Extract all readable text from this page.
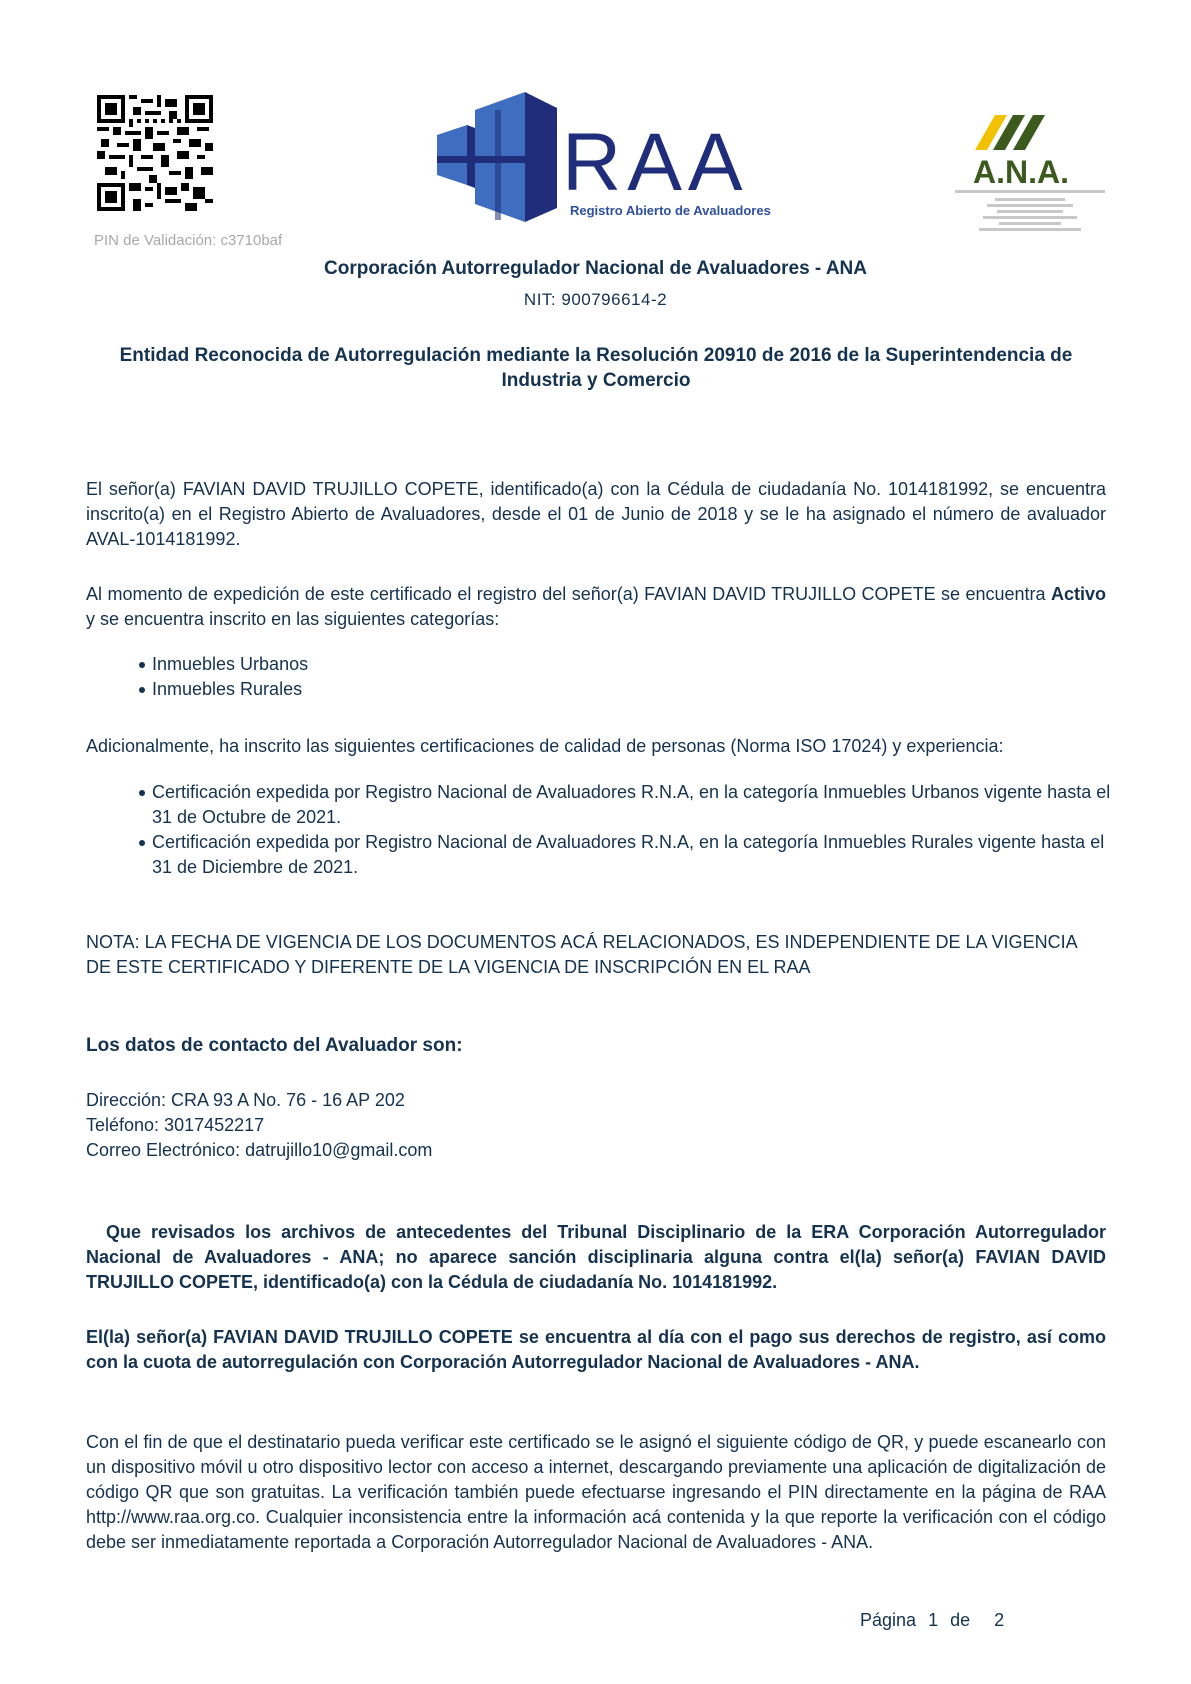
PIN de Validación: c3710baf
RAA
Registro Abierto de Avaluadores
A.N.A.
Corporación Autorregulador Nacional de Avaluadores - ANA
NIT: 900796614-2
Entidad Reconocida de Autorregulación mediante la Resolución 20910 de 2016 de la Superintendencia de Industria y Comercio
El señor(a) FAVIAN DAVID TRUJILLO COPETE, identificado(a) con la Cédula de ciudadanía No. 1014181992, se encuentra inscrito(a) en el Registro Abierto de Avaluadores, desde el 01 de Junio de 2018 y se le ha asignado el número de avaluador AVAL-1014181992.
Al momento de expedición de este certificado el registro del señor(a) FAVIAN DAVID TRUJILLO COPETE se encuentra Activo y se encuentra inscrito en las siguientes categorías:
Inmuebles Urbanos
Inmuebles Rurales
Adicionalmente, ha inscrito las siguientes certificaciones de calidad de personas (Norma ISO 17024) y experiencia:
Certificación expedida por Registro Nacional de Avaluadores R.N.A, en la categoría Inmuebles Urbanos vigente hasta el 31 de Octubre de 2021.
Certificación expedida por Registro Nacional de Avaluadores R.N.A, en la categoría Inmuebles Rurales vigente hasta el 31 de Diciembre de 2021.
NOTA: LA FECHA DE VIGENCIA DE LOS DOCUMENTOS ACÁ RELACIONADOS, ES INDEPENDIENTE DE LA VIGENCIA DE ESTE CERTIFICADO Y DIFERENTE DE LA VIGENCIA DE INSCRIPCIÓN EN EL RAA
Los datos de contacto del Avaluador son:
Dirección: CRA 93 A No. 76 - 16 AP 202
Teléfono: 3017452217
Correo Electrónico: datrujillo10@gmail.com
Que revisados los archivos de antecedentes del Tribunal Disciplinario de la ERA Corporación Autorregulador Nacional de Avaluadores - ANA; no aparece sanción disciplinaria alguna contra el(la) señor(a) FAVIAN DAVID TRUJILLO COPETE, identificado(a) con la Cédula de ciudadanía No. 1014181992.
El(la) señor(a) FAVIAN DAVID TRUJILLO COPETE se encuentra al día con el pago sus derechos de registro, así como con la cuota de autorregulación con Corporación Autorregulador Nacional de Avaluadores - ANA.
Con el fin de que el destinatario pueda verificar este certificado se le asignó el siguiente código de QR, y puede escanearlo con un dispositivo móvil u otro dispositivo lector con acceso a internet, descargando previamente una aplicación de digitalización de código QR que son gratuitas. La verificación también puede efectuarse ingresando el PIN directamente en la página de RAA http://www.raa.org.co. Cualquier inconsistencia entre la información acá contenida y la que reporte la verificación con el código debe ser inmediatamente reportada a Corporación Autorregulador Nacional de Avaluadores - ANA.
Página 1 de 2
